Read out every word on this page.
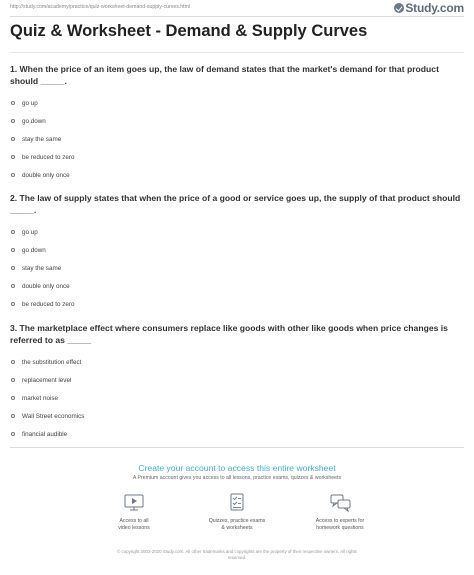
http://study.com/academy/practice/quiz-worksheet-demand-supply-curves.html	Study.com
Quiz & Worksheet - Demand & Supply Curves

1. When the price of an item goes up, the law of demand states that the market's demand for that product should _____.

go up
go down
stay the same
be reduced to zero
double only once

2. The law of supply states that when the price of a good or service goes up, the supply of that product should _____.

go up
go down
stay the same
double only once
be reduced to zero

3. The marketplace effect where consumers replace like goods with other like goods when price changes is referred to as _____

the substitution effect
replacement level
market noise
Wall Street economics
financial audible
Create your account to access this entire worksheet

A Premium account gives you access to all lessons, practice exams, quizzes & worksheets

Access to all
video lessons
Quizzes, practice exams
& worksheets
Access to experts for
homework questions
© copyright 2003-2020 Study.com. All other trademarks and copyrights are the property of their respective owners. All rights
reserved.
